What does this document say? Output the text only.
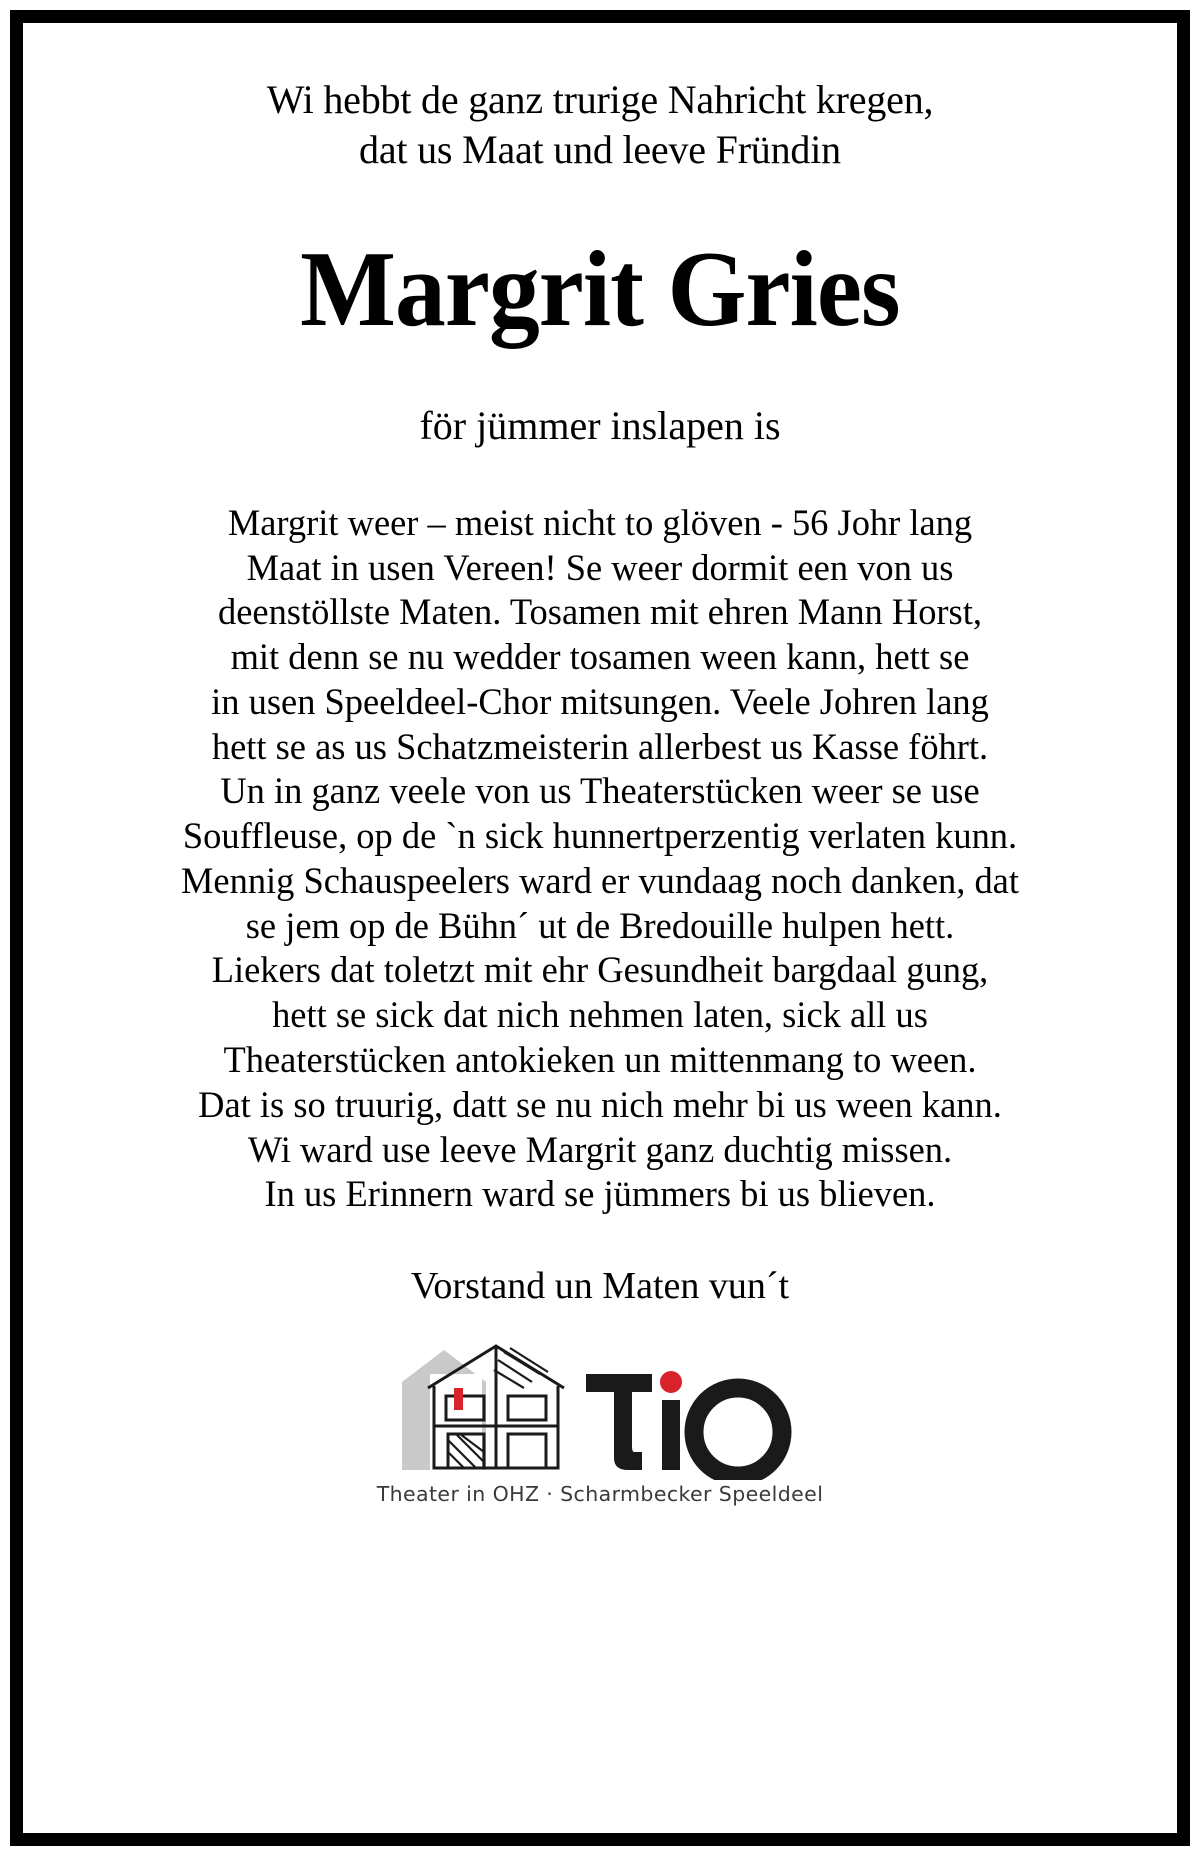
Wi hebbt de ganz trurige Nahricht kregen,
dat us Maat und leeve Fründin
Margrit Gries
för jümmer inslapen is
Margrit weer – meist nicht to glöven - 56 Johr lang
Maat in usen Vereen! Se weer dormit een von us
deenstöllste Maten. Tosamen mit ehren Mann Horst,
mit denn se nu wedder tosamen ween kann, hett se
in usen Speeldeel-Chor mitsungen. Veele Johren lang
hett se as us Schatzmeisterin allerbest us Kasse föhrt.
Un in ganz veele von us Theaterstücken weer se use
Souffleuse, op de `n sick hunnertperzentig verlaten kunn.
Mennig Schauspeelers ward er vundaag noch danken, dat
se jem op de Bühn´ ut de Bredouille hulpen hett.
Liekers dat toletzt mit ehr Gesundheit bargdaal gung,
hett se sick dat nich nehmen laten, sick all us
Theaterstücken antokieken un mittenmang to ween.
Dat is so truurig, datt se nu nich mehr bi us ween kann.
Wi ward use leeve Margrit ganz duchtig missen.
In us Erinnern ward se jümmers bi us blieven.
Vorstand un Maten vun´t
Theater in OHZ · Scharmbecker Speeldeel
